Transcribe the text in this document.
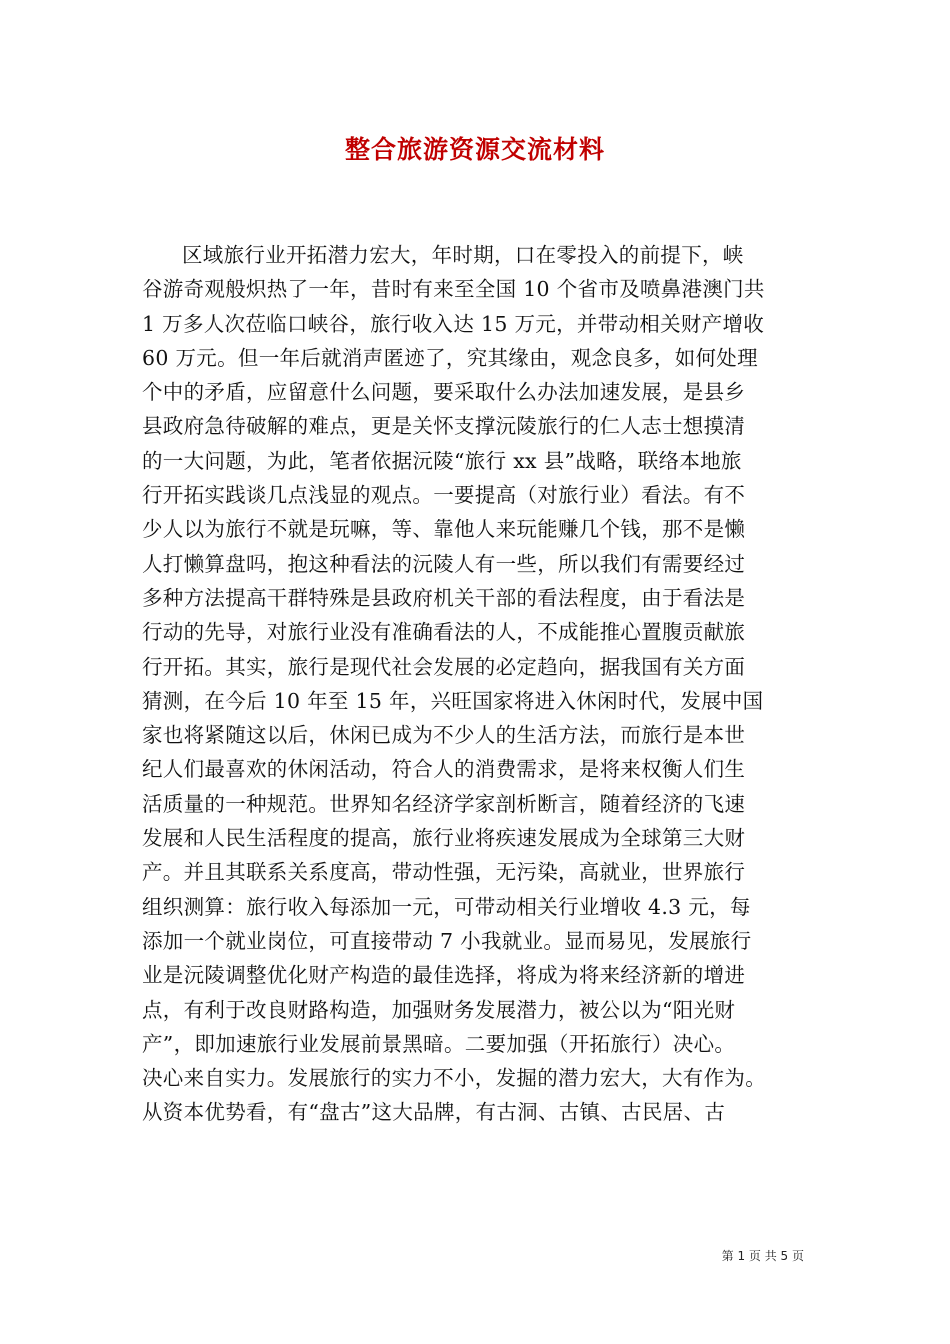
整合旅游资源交流材料
区域旅行业开拓潜力宏大，年时期，口在零投入的前提下，峡
谷游奇观般炽热了一年，昔时有来至全国 10 个省市及喷鼻港澳门共
1 万多人次莅临口峡谷，旅行收入达 15 万元，并带动相关财产增收
60 万元。但一年后就消声匿迹了，究其缘由，观念良多，如何处理
个中的矛盾，应留意什么问题，要采取什么办法加速发展，是县乡
县政府急待破解的难点，更是关怀支撑沅陵旅行的仁人志士想摸清
的一大问题，为此，笔者依据沅陵“旅行 xx 县”战略，联络本地旅
行开拓实践谈几点浅显的观点。一要提高（对旅行业）看法。有不
少人以为旅行不就是玩嘛，等、靠他人来玩能赚几个钱，那不是懒
人打懒算盘吗，抱这种看法的沅陵人有一些，所以我们有需要经过
多种方法提高干群特殊是县政府机关干部的看法程度，由于看法是
行动的先导，对旅行业没有准确看法的人，不成能推心置腹贡献旅
行开拓。其实，旅行是现代社会发展的必定趋向，据我国有关方面
猜测，在今后 10 年至 15 年，兴旺国家将进入休闲时代，发展中国
家也将紧随这以后，休闲已成为不少人的生活方法，而旅行是本世
纪人们最喜欢的休闲活动，符合人的消费需求，是将来权衡人们生
活质量的一种规范。世界知名经济学家剖析断言，随着经济的飞速
发展和人民生活程度的提高，旅行业将疾速发展成为全球第三大财
产。并且其联系关系度高，带动性强，无污染，高就业，世界旅行
组织测算：旅行收入每添加一元，可带动相关行业增收 4.3 元，每
添加一个就业岗位，可直接带动 7 小我就业。显而易见，发展旅行
业是沅陵调整优化财产构造的最佳选择，将成为将来经济新的增进
点，有利于改良财路构造，加强财务发展潜力，被公以为“阳光财
产”，即加速旅行业发展前景黑暗。二要加强（开拓旅行）决心。
决心来自实力。发展旅行的实力不小，发掘的潜力宏大，大有作为。
从资本优势看，有“盘古”这大品牌，有古洞、古镇、古民居、古
第 1 页 共 5 页
